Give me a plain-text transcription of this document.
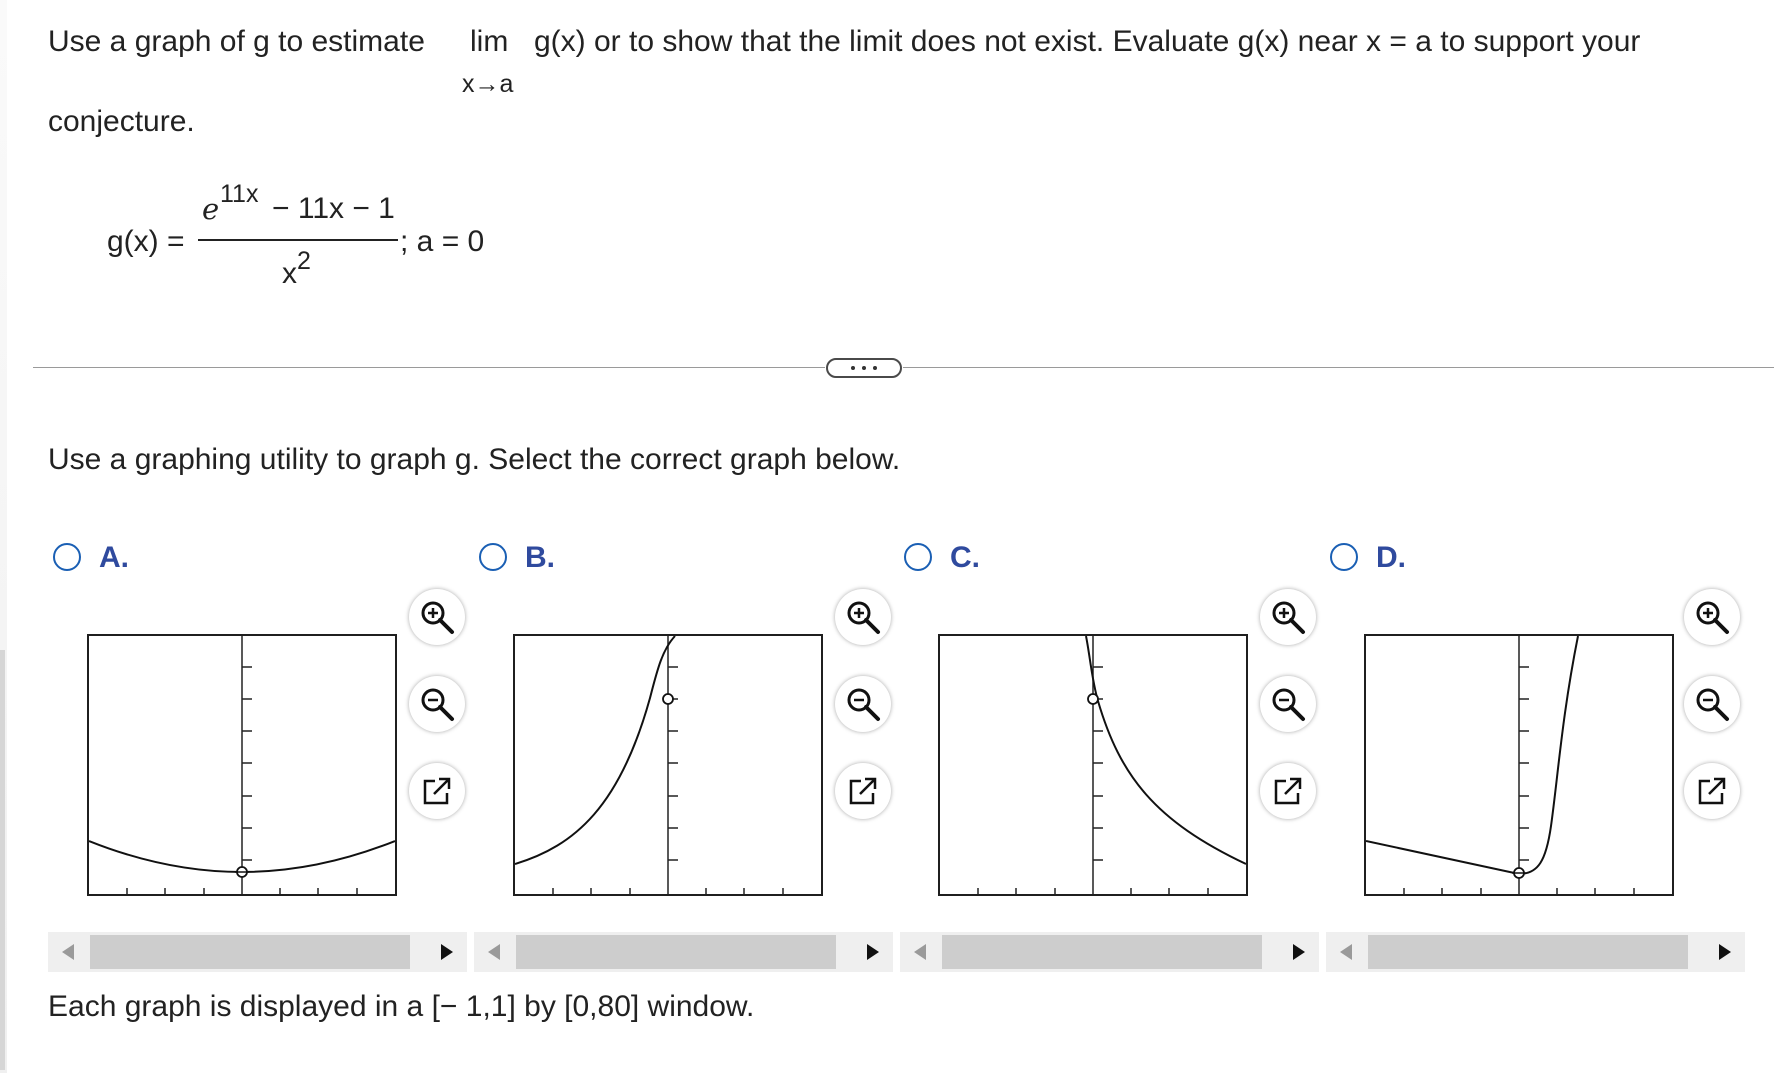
Use a graph of g to estimate lim
x→a
g(x) or to show that the limit does not exist. Evaluate g(x) near x = a to support your
conjecture.
g(x) =
e 11x − 11x − 1
x 2
; a = 0
Use a graphing utility to graph g. Select the correct graph below.
A.	B.	C.	D.
Each graph is displayed in a [− 1,1] by [0,80] window.
